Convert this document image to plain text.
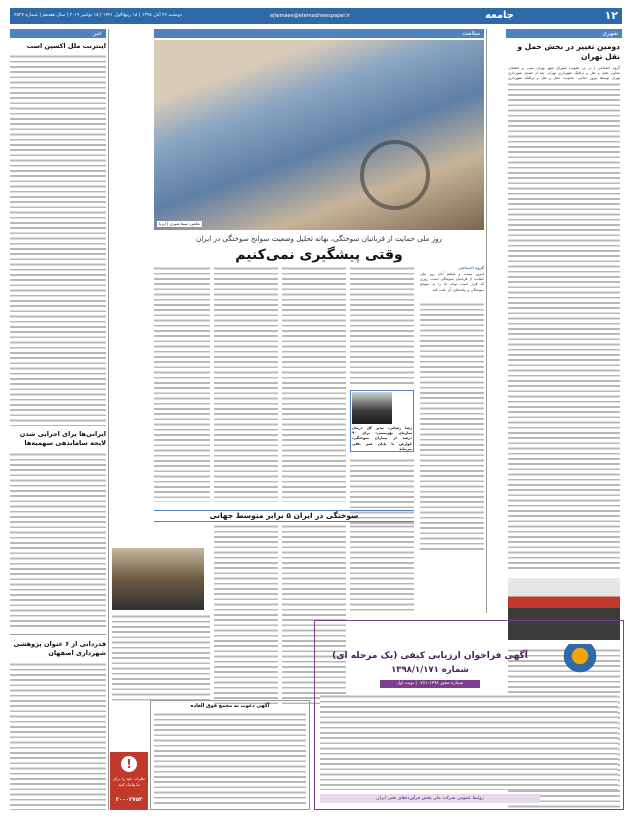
۱۲
جامعه
ejtemaee@etemadnewspaper.ir
دوشنبه ۲۶ آبان ۱۳۹۸ | ۱۸ ربیع‌الاول ۱۴۴۱ | ۱۸ نوامبر ۲۰۱۹ | سال هفدهم | شماره ۴۵۲۷
شهری
دومین تغییر در بخش حمل و نقل تهران
گروه اجتماعی | در پی تصویب شورای شهر تهران مبنی بر انتصاف معاون حمل و نقل و ترافیک شهرداری تهران، بعد از تصدی شهرداری تهران توسط پیروز حناچی، معاونت حمل و نقل و ترافیک شهرداری
سلامت
عکس: سینا شیری | ایرنا
روز ملی حمایت از قربانیان سوختگی، بهانه تحلیل وضعیت سوانح سوختگی در ایران
وقتی پیشگیری نمی‌کنیم
گروه اجتماعی
امروز بیست و ششم آبان روز ملی حمایت از قربانیان سوختگی است. روزی که قرار است توجه ما را به سوانح سوختگی و پیامدهای آن جلب کند.
رضا رضایی، مدیر کل درمان سازمان بهزیستی: برای ۹۰ درصد از بیماران سوختگی، عوارض تا پایان عمر باقی می‌ماند
سوختگی در ایران ۵ برابر متوسط جهانی
آگهی فراخوان ارزیابی کیفی (یک مرحله ای)
شماره ۱۳۹۸/۱/۱۷۱
شماره مجوز ۱۳۹۸-۰۷۸۱ | نوبت اول
روابط عمومی شرکت ملی پخش فرآورده‌های نفتی ایران
آگهی دعوت به مجمع فوق العاده
!
نظرات خود را برای ما پیامک کنید
۳۰۰۰۲۷۵۳
خبر
اینترنت ملل اکسپن است
ایرانی‌ها برای اجرایی شدن لایحه ساماندهی سهمیه‌ها
قدردانی از ۶ عنوان پژوهشی شهرداری اصفهان
